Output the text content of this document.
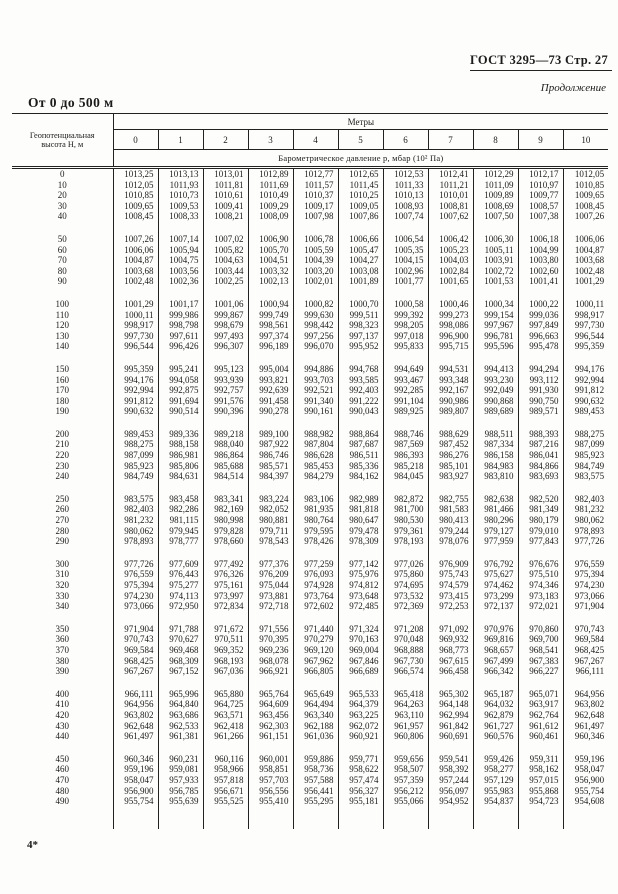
ГОСТ 3295—73 Стр. 27
Продолжение
От 0 до 500 м
Геопотенциальная
высота Н, м	Метры										
	0	1	2	3	4	5	6	7	8	9	10
	Барометрическое давление р, мбар (10² Па)										
0	1013,25	1013,13	1013,01	1012,89	1012,77	1012,65	1012,53	1012,41	1012,29	1012,17	1012,05
10	1012,05	1011,93	1011,81	1011,69	1011,57	1011,45	1011,33	1011,21	1011,09	1010,97	1010,85
20	1010,85	1010,73	1010,61	1010,49	1010,37	1010,25	1010,13	1010,01	1009,89	1009,77	1009,65
30	1009,65	1009,53	1009,41	1009,29	1009,17	1009,05	1008,93	1008,81	1008,69	1008,57	1008,45
40	1008,45	1008,33	1008,21	1008,09	1007,98	1007,86	1007,74	1007,62	1007,50	1007,38	1007,26

50	1007,26	1007,14	1007,02	1006,90	1006,78	1006,66	1006,54	1006,42	1006,30	1006,18	1006,06
60	1006,06	1005,94	1005,82	1005,70	1005,59	1005,47	1005,35	1005,23	1005,11	1004,99	1004,87
70	1004,87	1004,75	1004,63	1004,51	1004,39	1004,27	1004,15	1004,03	1003,91	1003,80	1003,68
80	1003,68	1003,56	1003,44	1003,32	1003,20	1003,08	1002,96	1002,84	1002,72	1002,60	1002,48
90	1002,48	1002,36	1002,25	1002,13	1002,01	1001,89	1001,77	1001,65	1001,53	1001,41	1001,29

100	1001,29	1001,17	1001,06	1000,94	1000,82	1000,70	1000,58	1000,46	1000,34	1000,22	1000,11
110	1000,11	999,986	999,867	999,749	999,630	999,511	999,392	999,273	999,154	999,036	998,917
120	998,917	998,798	998,679	998,561	998,442	998,323	998,205	998,086	997,967	997,849	997,730
130	997,730	997,611	997,493	997,374	997,256	997,137	997,018	996,900	996,781	996,663	996,544
140	996,544	996,426	996,307	996,189	996,070	995,952	995,833	995,715	995,596	995,478	995,359

150	995,359	995,241	995,123	995,004	994,886	994,768	994,649	994,531	994,413	994,294	994,176
160	994,176	994,058	993,939	993,821	993,703	993,585	993,467	993,348	993,230	993,112	992,994
170	992,994	992,875	992,757	992,639	992,521	992,403	992,285	992,167	992,049	991,930	991,812
180	991,812	991,694	991,576	991,458	991,340	991,222	991,104	990,986	990,868	990,750	990,632
190	990,632	990,514	990,396	990,278	990,161	990,043	989,925	989,807	989,689	989,571	989,453

200	989,453	989,336	989,218	989,100	988,982	988,864	988,746	988,629	988,511	988,393	988,275
210	988,275	988,158	988,040	987,922	987,804	987,687	987,569	987,452	987,334	987,216	987,099
220	987,099	986,981	986,864	986,746	986,628	986,511	986,393	986,276	986,158	986,041	985,923
230	985,923	985,806	985,688	985,571	985,453	985,336	985,218	985,101	984,983	984,866	984,749
240	984,749	984,631	984,514	984,397	984,279	984,162	984,045	983,927	983,810	983,693	983,575

250	983,575	983,458	983,341	983,224	983,106	982,989	982,872	982,755	982,638	982,520	982,403
260	982,403	982,286	982,169	982,052	981,935	981,818	981,700	981,583	981,466	981,349	981,232
270	981,232	981,115	980,998	980,881	980,764	980,647	980,530	980,413	980,296	980,179	980,062
280	980,062	979,945	979,828	979,711	979,595	979,478	979,361	979,244	979,127	979,010	978,893
290	978,893	978,777	978,660	978,543	978,426	978,309	978,193	978,076	977,959	977,843	977,726

300	977,726	977,609	977,492	977,376	977,259	977,142	977,026	976,909	976,792	976,676	976,559
310	976,559	976,443	976,326	976,209	976,093	975,976	975,860	975,743	975,627	975,510	975,394
320	975,394	975,277	975,161	975,044	974,928	974,812	974,695	974,579	974,462	974,346	974,230
330	974,230	974,113	973,997	973,881	973,764	973,648	973,532	973,415	973,299	973,183	973,066
340	973,066	972,950	972,834	972,718	972,602	972,485	972,369	972,253	972,137	972,021	971,904

350	971,904	971,788	971,672	971,556	971,440	971,324	971,208	971,092	970,976	970,860	970,743
360	970,743	970,627	970,511	970,395	970,279	970,163	970,048	969,932	969,816	969,700	969,584
370	969,584	969,468	969,352	969,236	969,120	969,004	968,888	968,773	968,657	968,541	968,425
380	968,425	968,309	968,193	968,078	967,962	967,846	967,730	967,615	967,499	967,383	967,267
390	967,267	967,152	967,036	966,921	966,805	966,689	966,574	966,458	966,342	966,227	966,111

400	966,111	965,996	965,880	965,764	965,649	965,533	965,418	965,302	965,187	965,071	964,956
410	964,956	964,840	964,725	964,609	964,494	964,379	964,263	964,148	964,032	963,917	963,802
420	963,802	963,686	963,571	963,456	963,340	963,225	963,110	962,994	962,879	962,764	962,648
430	962,648	962,533	962,418	962,303	962,188	962,072	961,957	961,842	961,727	961,612	961,497
440	961,497	961,381	961,266	961,151	961,036	960,921	960,806	960,691	960,576	960,461	960,346

450	960,346	960,231	960,116	960,001	959,886	959,771	959,656	959,541	959,426	959,311	959,196
460	959,196	959,081	958,966	958,851	958,736	958,622	958,507	958,392	958,277	958,162	958,047
470	958,047	957,933	957,818	957,703	957,588	957,474	957,359	957,244	957,129	957,015	956,900
480	956,900	956,785	956,671	956,556	956,441	956,327	956,212	956,097	955,983	955,868	955,754
490	955,754	955,639	955,525	955,410	955,295	955,181	955,066	954,952	954,837	954,723	954,608

4*
